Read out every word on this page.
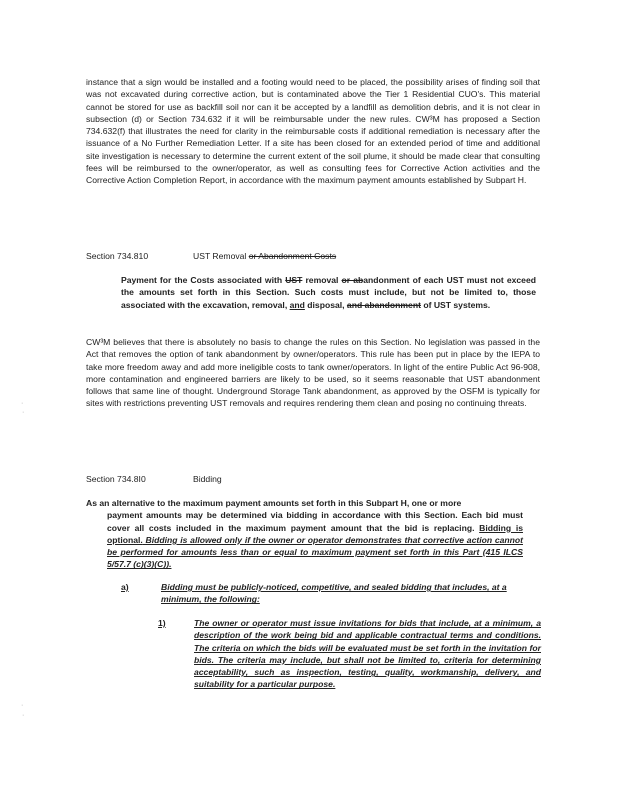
instance that a sign would be installed and a footing would need to be placed, the possibility arises of finding soil that was not excavated during corrective action, but is contaminated above the Tier 1 Residential CUO's. This material cannot be stored for use as backfill soil nor can it be accepted by a landfill as demolition debris, and it is not clear in subsection (d) or Section 734.632 if it will be reimbursable under the new rules. CW³M has proposed a Section 734.632(f) that illustrates the need for clarity in the reimbursable costs if additional remediation is necessary after the issuance of a No Further Remediation Letter. If a site has been closed for an extended period of time and additional site investigation is necessary to determine the current extent of the soil plume, it should be made clear that consulting fees will be reimbursed to the owner/operator, as well as consulting fees for Corrective Action activities and the Corrective Action Completion Report, in accordance with the maximum payment amounts established by Subpart H.

Section 734.810	UST Removal or Abandonment Costs

Payment for the Costs associated with UST removal or abandonment of each UST must not exceed the amounts set forth in this Section. Such costs must include, but not be limited to, those associated with the excavation, removal, and disposal, and abandonment of UST systems.

CW³M believes that there is absolutely no basis to change the rules on this Section. No legislation was passed in the Act that removes the option of tank abandonment by owner/operators. This rule has been put in place by the IEPA to take more freedom away and add more ineligible costs to tank owner/operators. In light of the entire Public Act 96-908, more contamination and engineered barriers are likely to be used, so it seems reasonable that UST abandonment follows that same line of thought. Underground Storage Tank abandonment, as approved by the OSFM is typically for sites with restrictions preventing UST removals and requires rendering them clean and posing no continuing threats.

Section 734.8I0	Bidding
As an alternative to the maximum payment amounts set forth in this Subpart H, one or more
payment amounts may be determined via bidding in accordance with this Section. Each bid must cover all costs included in the maximum payment amount that the bid is replacing. Bidding is optional. Bidding is allowed only if the owner or operator demonstrates that corrective action cannot be performed for amounts less than or equal to maximum payment set forth in this Part (415 ILCS 5/57.7 (c)(3)(C)).
a)	Bidding must be publicly-noticed, competitive, and sealed bidding that includes, at a minimum, the following:
1)	The owner or operator must issue invitations for bids that include, at a minimum, a description of the work being bid and applicable contractual terms and conditions. The criteria on which the bids will be evaluated must be set forth in the invitation for bids. The criteria may include, but shall not be limited to, criteria for determining acceptability, such as inspection, testing, quality, workmanship, delivery, and suitability for a particular purpose.
·
·
·
·
